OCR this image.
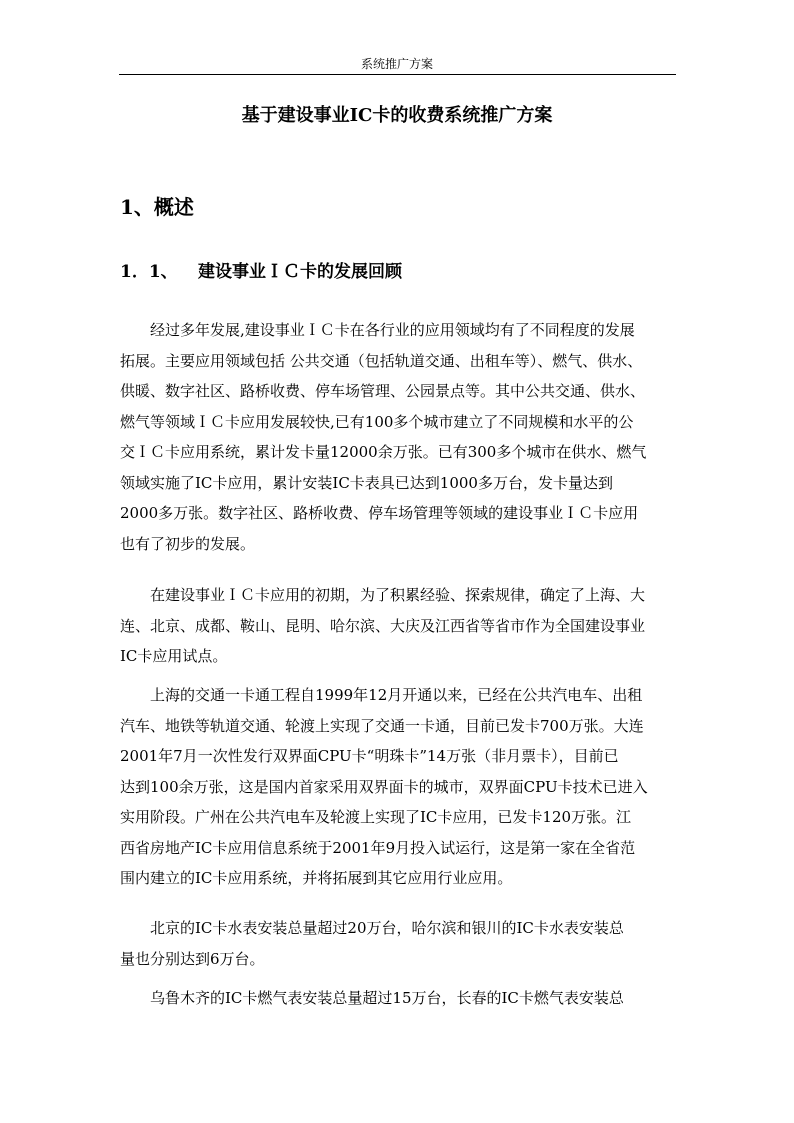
系统推广方案
基于建设事业IC卡的收费系统推广方案
1、概述
1．1、 建设事业ＩＣ卡的发展回顾
经过多年发展,建设事业ＩＣ卡在各行业的应用领域均有了不同程度的发展
拓展。主要应用领域包括 公共交通（包括轨道交通、出租车等）、燃气、供水、
供暖、数字社区、路桥收费、停车场管理、公园景点等。其中公共交通、供水、
燃气等领域ＩＣ卡应用发展较快,已有100多个城市建立了不同规模和水平的公
交ＩＣ卡应用系统，累计发卡量12000余万张。已有300多个城市在供水、燃气
领域实施了IC卡应用，累计安装IC卡表具已达到1000多万台，发卡量达到
2000多万张。数字社区、路桥收费、停车场管理等领域的建设事业ＩＣ卡应用
也有了初步的发展。
在建设事业ＩＣ卡应用的初期，为了积累经验、探索规律，确定了上海、大
连、北京、成都、鞍山、昆明、哈尔滨、大庆及江西省等省市作为全国建设事业
IC卡应用试点。
上海的交通一卡通工程自1999年12月开通以来，已经在公共汽电车、出租
汽车、地铁等轨道交通、轮渡上实现了交通一卡通，目前已发卡700万张。大连
2001年7月一次性发行双界面CPU卡“明珠卡”14万张（非月票卡），目前已
达到100余万张，这是国内首家采用双界面卡的城市，双界面CPU卡技术已进入
实用阶段。广州在公共汽电车及轮渡上实现了IC卡应用，已发卡120万张。江
西省房地产IC卡应用信息系统于2001年9月投入试运行，这是第一家在全省范
围内建立的IC卡应用系统，并将拓展到其它应用行业应用。
北京的IC卡水表安装总量超过20万台，哈尔滨和银川的IC卡水表安装总
量也分别达到6万台。
乌鲁木齐的IC卡燃气表安装总量超过15万台，长春的IC卡燃气表安装总
